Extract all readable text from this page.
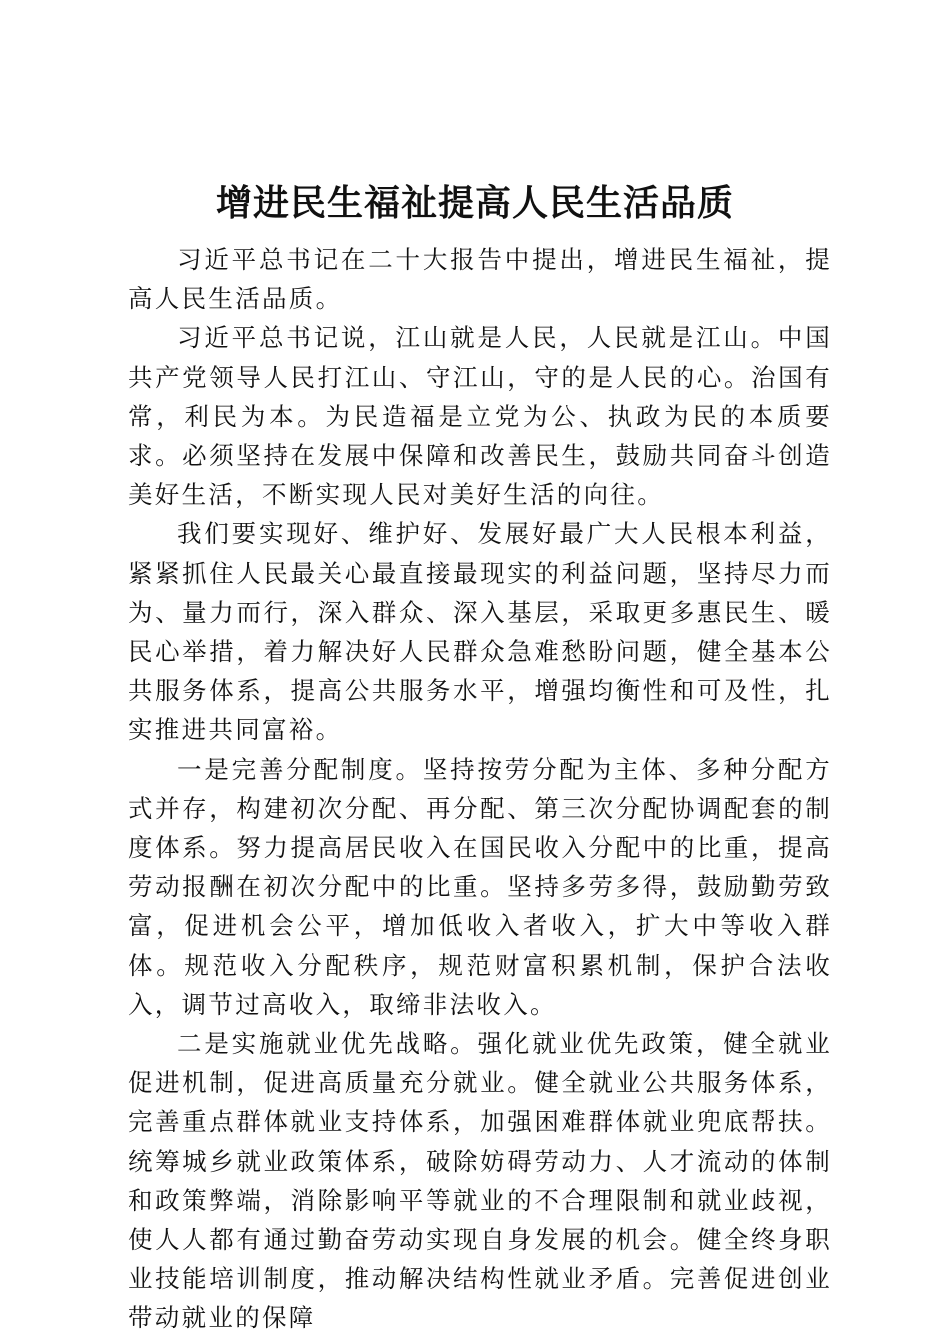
增进民生福祉提高人民生活品质

习近平总书记在二十大报告中提出，增进民生福祉，提高人民生活品质。

习近平总书记说，江山就是人民，人民就是江山。中国共产党领导人民打江山、守江山，守的是人民的心。治国有常，利民为本。为民造福是立党为公、执政为民的本质要求。必须坚持在发展中保障和改善民生，鼓励共同奋斗创造美好生活，不断实现人民对美好生活的向往。

我们要实现好、维护好、发展好最广大人民根本利益，紧紧抓住人民最关心最直接最现实的利益问题，坚持尽力而为、量力而行，深入群众、深入基层，采取更多惠民生、暖民心举措，着力解决好人民群众急难愁盼问题，健全基本公共服务体系，提高公共服务水平，增强均衡性和可及性，扎实推进共同富裕。

一是完善分配制度。坚持按劳分配为主体、多种分配方式并存，构建初次分配、再分配、第三次分配协调配套的制度体系。努力提高居民收入在国民收入分配中的比重，提高劳动报酬在初次分配中的比重。坚持多劳多得，鼓励勤劳致富，促进机会公平，增加低收入者收入，扩大中等收入群体。规范收入分配秩序，规范财富积累机制，保护合法收入，调节过高收入，取缔非法收入。

二是实施就业优先战略。强化就业优先政策，健全就业促进机制，促进高质量充分就业。健全就业公共服务体系，完善重点群体就业支持体系，加强困难群体就业兜底帮扶。统筹城乡就业政策体系，破除妨碍劳动力、人才流动的体制和政策弊端，消除影响平等就业的不合理限制和就业歧视，使人人都有通过勤奋劳动实现自身发展的机会。健全终身职业技能培训制度，推动解决结构性就业矛盾。完善促进创业带动就业的保障
